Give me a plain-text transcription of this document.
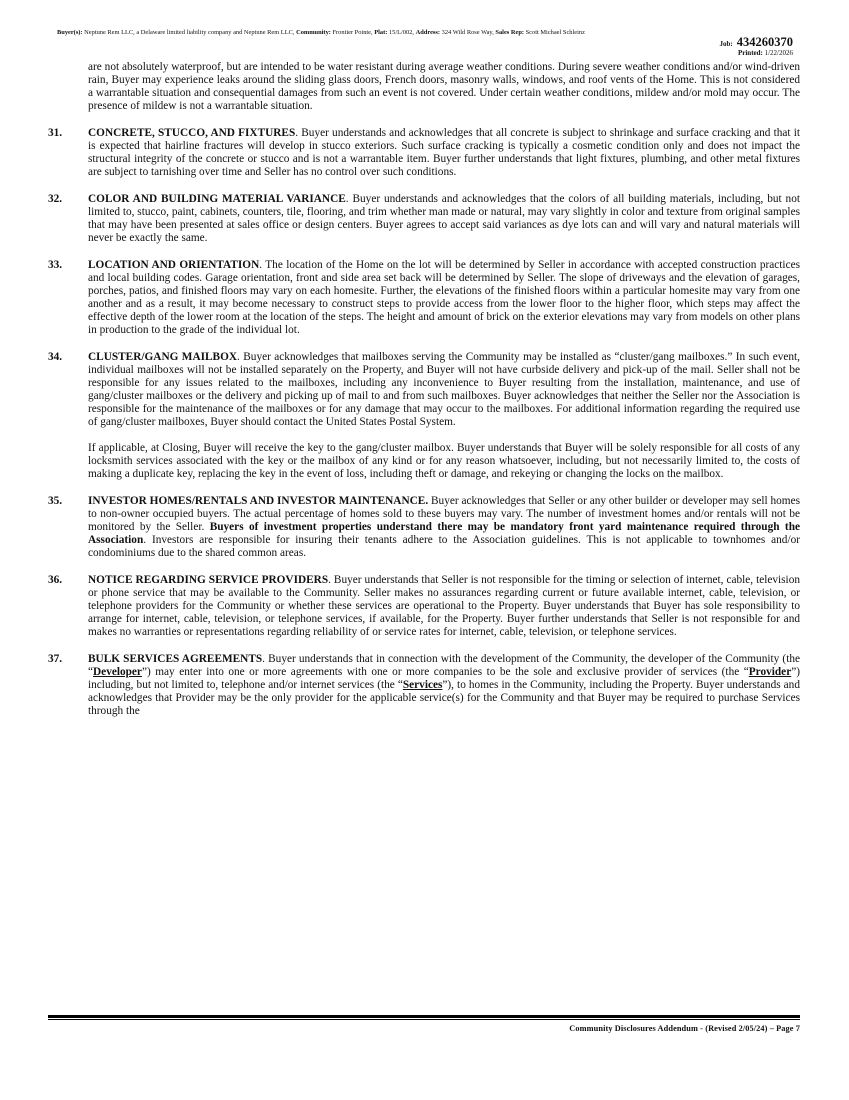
Buyer(s): Neptune Rem LLC, a Delaware limited liability company and Neptune Rem LLC, Community: Frontier Pointe, Plat: 15/L/002, Address: 324 Wild Rose Way, Sales Rep: Scott Michael Schleinz
Job: 434260370
Printed: 1/22/2026

are not absolutely waterproof, but are intended to be water resistant during average weather conditions. During severe weather conditions and/or wind-driven rain, Buyer may experience leaks around the sliding glass doors, French doors, masonry walls, windows, and roof vents of the Home. This is not considered a warrantable situation and consequential damages from such an event is not covered. Under certain weather conditions, mildew and/or mold may occur. The presence of mildew is not a warrantable situation.

31. CONCRETE, STUCCO, AND FIXTURES. Buyer understands and acknowledges that all concrete is subject to shrinkage and surface cracking and that it is expected that hairline fractures will develop in stucco exteriors. Such surface cracking is typically a cosmetic condition only and does not impact the structural integrity of the concrete or stucco and is not a warrantable item. Buyer further understands that light fixtures, plumbing, and other metal fixtures are subject to tarnishing over time and Seller has no control over such conditions.

32. COLOR AND BUILDING MATERIAL VARIANCE. Buyer understands and acknowledges that the colors of all building materials, including, but not limited to, stucco, paint, cabinets, counters, tile, flooring, and trim whether man made or natural, may vary slightly in color and texture from original samples that may have been presented at sales office or design centers. Buyer agrees to accept said variances as dye lots can and will vary and natural materials will never be exactly the same.

33. LOCATION AND ORIENTATION. The location of the Home on the lot will be determined by Seller in accordance with accepted construction practices and local building codes. Garage orientation, front and side area set back will be determined by Seller. The slope of driveways and the elevation of garages, porches, patios, and finished floors may vary on each homesite. Further, the elevations of the finished floors within a particular homesite may vary from one another and as a result, it may become necessary to construct steps to provide access from the lower floor to the higher floor, which steps may affect the effective depth of the lower room at the location of the steps. The height and amount of brick on the exterior elevations may vary from models on other plans in production to the grade of the individual lot.

34. CLUSTER/GANG MAILBOX. Buyer acknowledges that mailboxes serving the Community may be installed as “cluster/gang mailboxes.” In such event, individual mailboxes will not be installed separately on the Property, and Buyer will not have curbside delivery and pick-up of the mail. Seller shall not be responsible for any issues related to the mailboxes, including any inconvenience to Buyer resulting from the installation, maintenance, and use of gang/cluster mailboxes or the delivery and picking up of mail to and from such mailboxes. Buyer acknowledges that neither the Seller nor the Association is responsible for the maintenance of the mailboxes or for any damage that may occur to the mailboxes. For additional information regarding the required use of gang/cluster mailboxes, Buyer should contact the United States Postal System.

If applicable, at Closing, Buyer will receive the key to the gang/cluster mailbox. Buyer understands that Buyer will be solely responsible for all costs of any locksmith services associated with the key or the mailbox of any kind or for any reason whatsoever, including, but not necessarily limited to, the costs of making a duplicate key, replacing the key in the event of loss, including theft or damage, and rekeying or changing the locks on the mailbox.

35. INVESTOR HOMES/RENTALS AND INVESTOR MAINTENANCE. Buyer acknowledges that Seller or any other builder or developer may sell homes to non-owner occupied buyers. The actual percentage of homes sold to these buyers may vary. The number of investment homes and/or rentals will not be monitored by the Seller. Buyers of investment properties understand there may be mandatory front yard maintenance required through the Association. Investors are responsible for insuring their tenants adhere to the Association guidelines. This is not applicable to townhomes and/or condominiums due to the shared common areas.

36. NOTICE REGARDING SERVICE PROVIDERS. Buyer understands that Seller is not responsible for the timing or selection of internet, cable, television or phone service that may be available to the Community. Seller makes no assurances regarding current or future available internet, cable, television, or telephone providers for the Community or whether these services are operational to the Property. Buyer understands that Buyer has sole responsibility to arrange for internet, cable, television, or telephone services, if available, for the Property. Buyer further understands that Seller is not responsible for and makes no warranties or representations regarding reliability of or service rates for internet, cable, television, or telephone services.

37. BULK SERVICES AGREEMENTS. Buyer understands that in connection with the development of the Community, the developer of the Community (the “Developer”) may enter into one or more agreements with one or more companies to be the sole and exclusive provider of services (the “Provider”) including, but not limited to, telephone and/or internet services (the “Services”), to homes in the Community, including the Property. Buyer understands and acknowledges that Provider may be the only provider for the applicable service(s) for the Community and that Buyer may be required to purchase Services through the

Community Disclosures Addendum - (Revised 2/05/24) – Page 7
